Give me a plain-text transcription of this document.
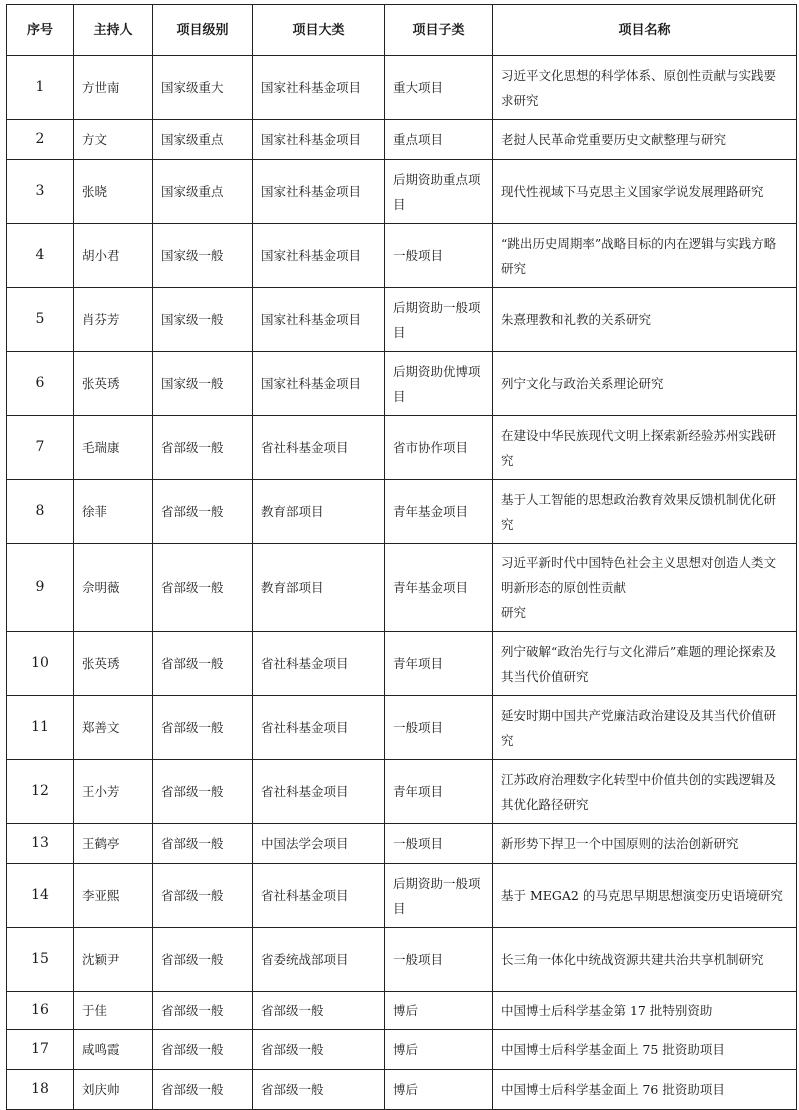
序号	主持人	项目级别	项目大类	项目子类	项目名称
1	方世南	国家级重大	国家社科基金项目	重大项目	习近平文化思想的科学体系、原创性贡献与实践要求研究

2	方文	国家级重点	国家社科基金项目	重点项目	老挝人民革命党重要历史文献整理与研究

3	张晓	国家级重点	国家社科基金项目	后期资助重点项目	现代性视域下马克思主义国家学说发展理路研究

4	胡小君	国家级一般	国家社科基金项目	一般项目	“跳出历史周期率”战略目标的内在逻辑与实践方略研究

5	肖芬芳	国家级一般	国家社科基金项目	后期资助一般项目	朱熹理教和礼教的关系研究

6	张英琇	国家级一般	国家社科基金项目	后期资助优博项目	列宁文化与政治关系理论研究

7	毛瑞康	省部级一般	省社科基金项目	省市协作项目	在建设中华民族现代文明上探索新经验苏州实践研究

8	徐菲	省部级一般	教育部项目	青年基金项目	基于人工智能的思想政治教育效果反馈机制优化研究

9	佘明薇	省部级一般	教育部项目	青年基金项目	习近平新时代中国特色社会主义思想对创造人类文明新形态的原创性贡献
研究

10	张英琇	省部级一般	省社科基金项目	青年项目	列宁破解“政治先行与文化滞后”难题的理论探索及其当代价值研究

11	郑善文	省部级一般	省社科基金项目	一般项目	延安时期中国共产党廉洁政治建设及其当代价值研究

12	王小芳	省部级一般	省社科基金项目	青年项目	江苏政府治理数字化转型中价值共创的实践逻辑及其优化路径研究

13	王鹤亭	省部级一般	中国法学会项目	一般项目	新形势下捍卫一个中国原则的法治创新研究

14	李亚熙	省部级一般	省社科基金项目	后期资助一般项目	基于 MEGA2 的马克思早期思想演变历史语境研究

15	沈颖尹	省部级一般	省委统战部项目	一般项目	长三角一体化中统战资源共建共治共享机制研究

16	于佳	省部级一般	省部级一般	博后	中国博士后科学基金第 17 批特别资助

17	咸鸣霞	省部级一般	省部级一般	博后	中国博士后科学基金面上 75 批资助项目

18	刘庆帅	省部级一般	省部级一般	博后	中国博士后科学基金面上 76 批资助项目
